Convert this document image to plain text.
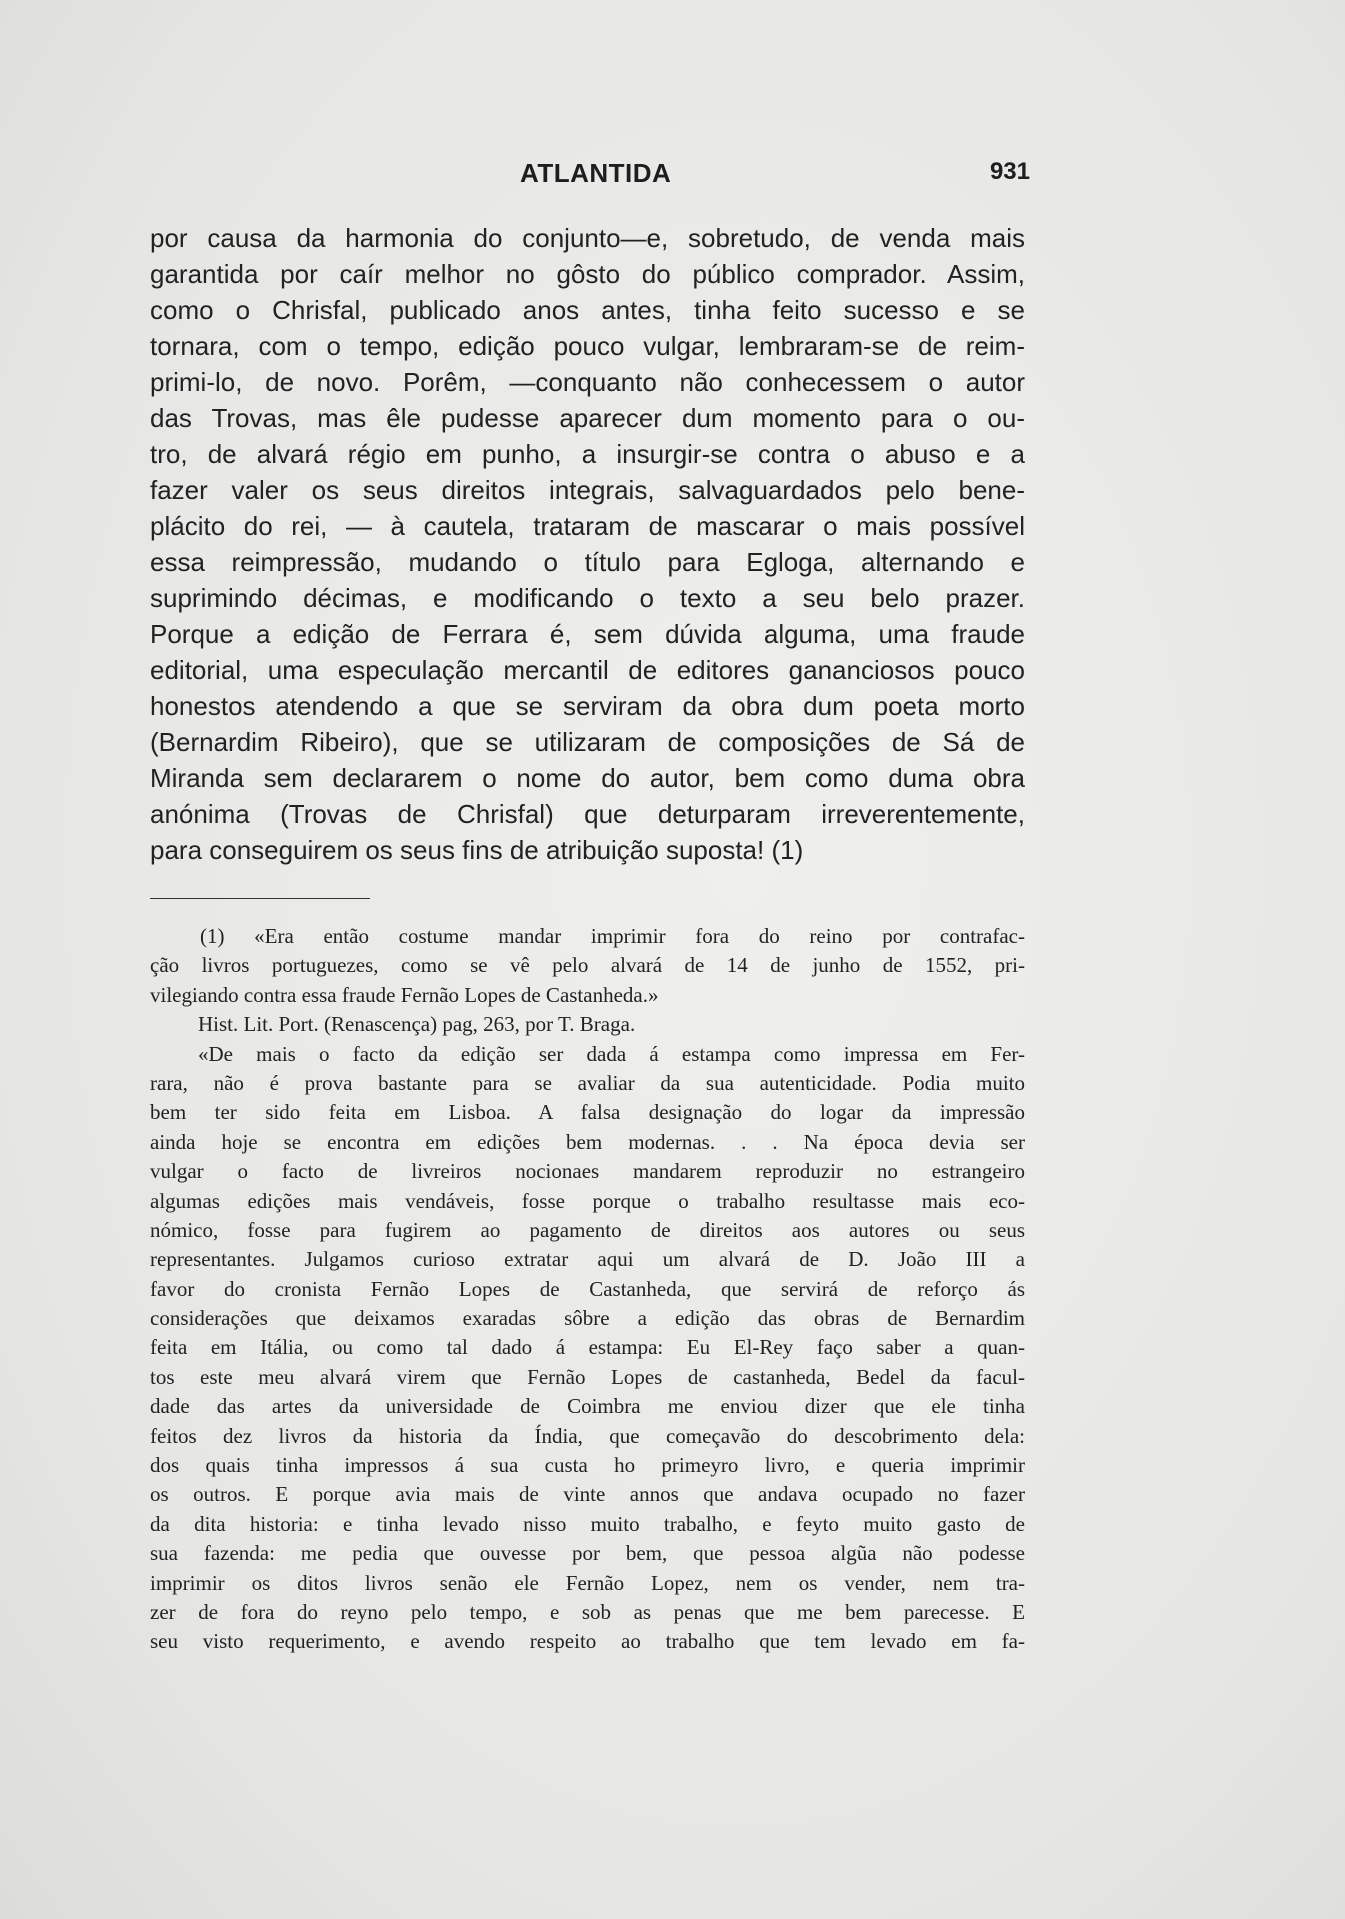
ATLANTIDA	931
por causa da harmonia do conjunto—e, sobretudo, de venda mais
garantida por caír melhor no gôsto do público comprador. Assim,
como o Chrisfal, publicado anos antes, tinha feito sucesso e se
tornara, com o tempo, edição pouco vulgar, lembraram-se de reim-
primi-lo, de novo. Porêm, —conquanto não conhecessem o autor
das Trovas, mas êle pudesse aparecer dum momento para o ou-
tro, de alvará régio em punho, a insurgir-se contra o abuso e a
fazer valer os seus direitos integrais, salvaguardados pelo bene-
plácito do rei, — à cautela, trataram de mascarar o mais possível
essa reimpressão, mudando o título para Egloga, alternando e
suprimindo décimas, e modificando o texto a seu belo prazer.
Porque a edição de Ferrara é, sem dúvida alguma, uma fraude
editorial, uma especulação mercantil de editores gananciosos pouco
honestos atendendo a que se serviram da obra dum poeta morto
(Bernardim Ribeiro), que se utilizaram de composições de Sá de
Miranda sem declararem o nome do autor, bem como duma obra
anónima (Trovas de Chrisfal) que deturparam irreverentemente,
para conseguirem os seus fins de atribuição suposta! (1)
(1) «Era então costume mandar imprimir fora do reino por contrafac-
ção livros portuguezes, como se vê pelo alvará de 14 de junho de 1552, pri-
vilegiando contra essa fraude Fernão Lopes de Castanheda.»
Hist. Lit. Port. (Renascença) pag, 263, por T. Braga.
«De mais o facto da edição ser dada á estampa como impressa em Fer-
rara, não é prova bastante para se avaliar da sua autenticidade. Podia muito
bem ter sido feita em Lisboa. A falsa designação do logar da impressão
ainda hoje se encontra em edições bem modernas. . . Na época devia ser
vulgar o facto de livreiros nocionaes mandarem reproduzir no estrangeiro
algumas edições mais vendáveis, fosse porque o trabalho resultasse mais eco-
nómico, fosse para fugirem ao pagamento de direitos aos autores ou seus
representantes. Julgamos curioso extratar aqui um alvará de D. João III a
favor do cronista Fernão Lopes de Castanheda, que servirá de reforço ás
considerações que deixamos exaradas sôbre a edição das obras de Bernardim
feita em Itália, ou como tal dado á estampa: Eu El-Rey faço saber a quan-
tos este meu alvará virem que Fernão Lopes de castanheda, Bedel da facul-
dade das artes da universidade de Coimbra me enviou dizer que ele tinha
feitos dez livros da historia da Índia, que começavão do descobrimento dela:
dos quais tinha impressos á sua custa ho primeyro livro, e queria imprimir
os outros. E porque avia mais de vinte annos que andava ocupado no fazer
da dita historia: e tinha levado nisso muito trabalho, e feyto muito gasto de
sua fazenda: me pedia que ouvesse por bem, que pessoa algũa não podesse
imprimir os ditos livros senão ele Fernão Lopez, nem os vender, nem tra-
zer de fora do reyno pelo tempo, e sob as penas que me bem parecesse. E
seu visto requerimento, e avendo respeito ao trabalho que tem levado em fa-
